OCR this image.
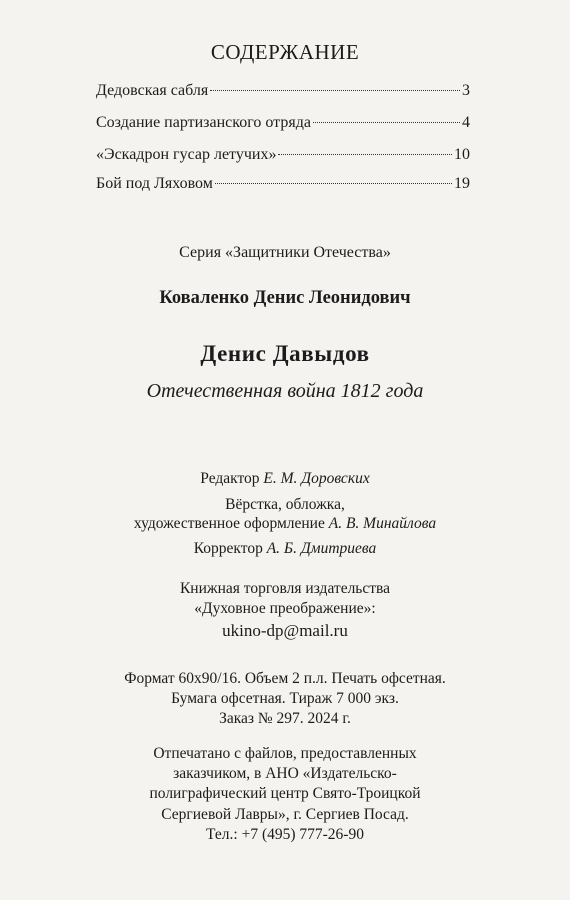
СОДЕРЖАНИЕ
Дедовская сабля	3
Создание партизанского отряда	4
«Эскадрон гусар летучих»	10
Бой под Ляховом	19
Серия «Защитники Отечества»
Коваленко Денис Леонидович
Денис Давыдов
Отечественная война 1812 года
Редактор Е. М. Доровских
Вёрстка, обложка,
художественное оформление А. В. Минайлова
Корректор А. Б. Дмитриева
Книжная торговля издательства
«Духовное преображение»:
ukino-dp@mail.ru
Формат 60х90/16. Объем 2 п.л. Печать офсетная.
Бумага офсетная. Тираж 7 000 экз.
Заказ № 297. 2024 г.
Отпечатано с файлов, предоставленных
заказчиком, в АНО «Издательско-
полиграфический центр Свято-Троицкой
Сергиевой Лавры», г. Сергиев Посад.
Тел.: +7 (495) 777-26-90
